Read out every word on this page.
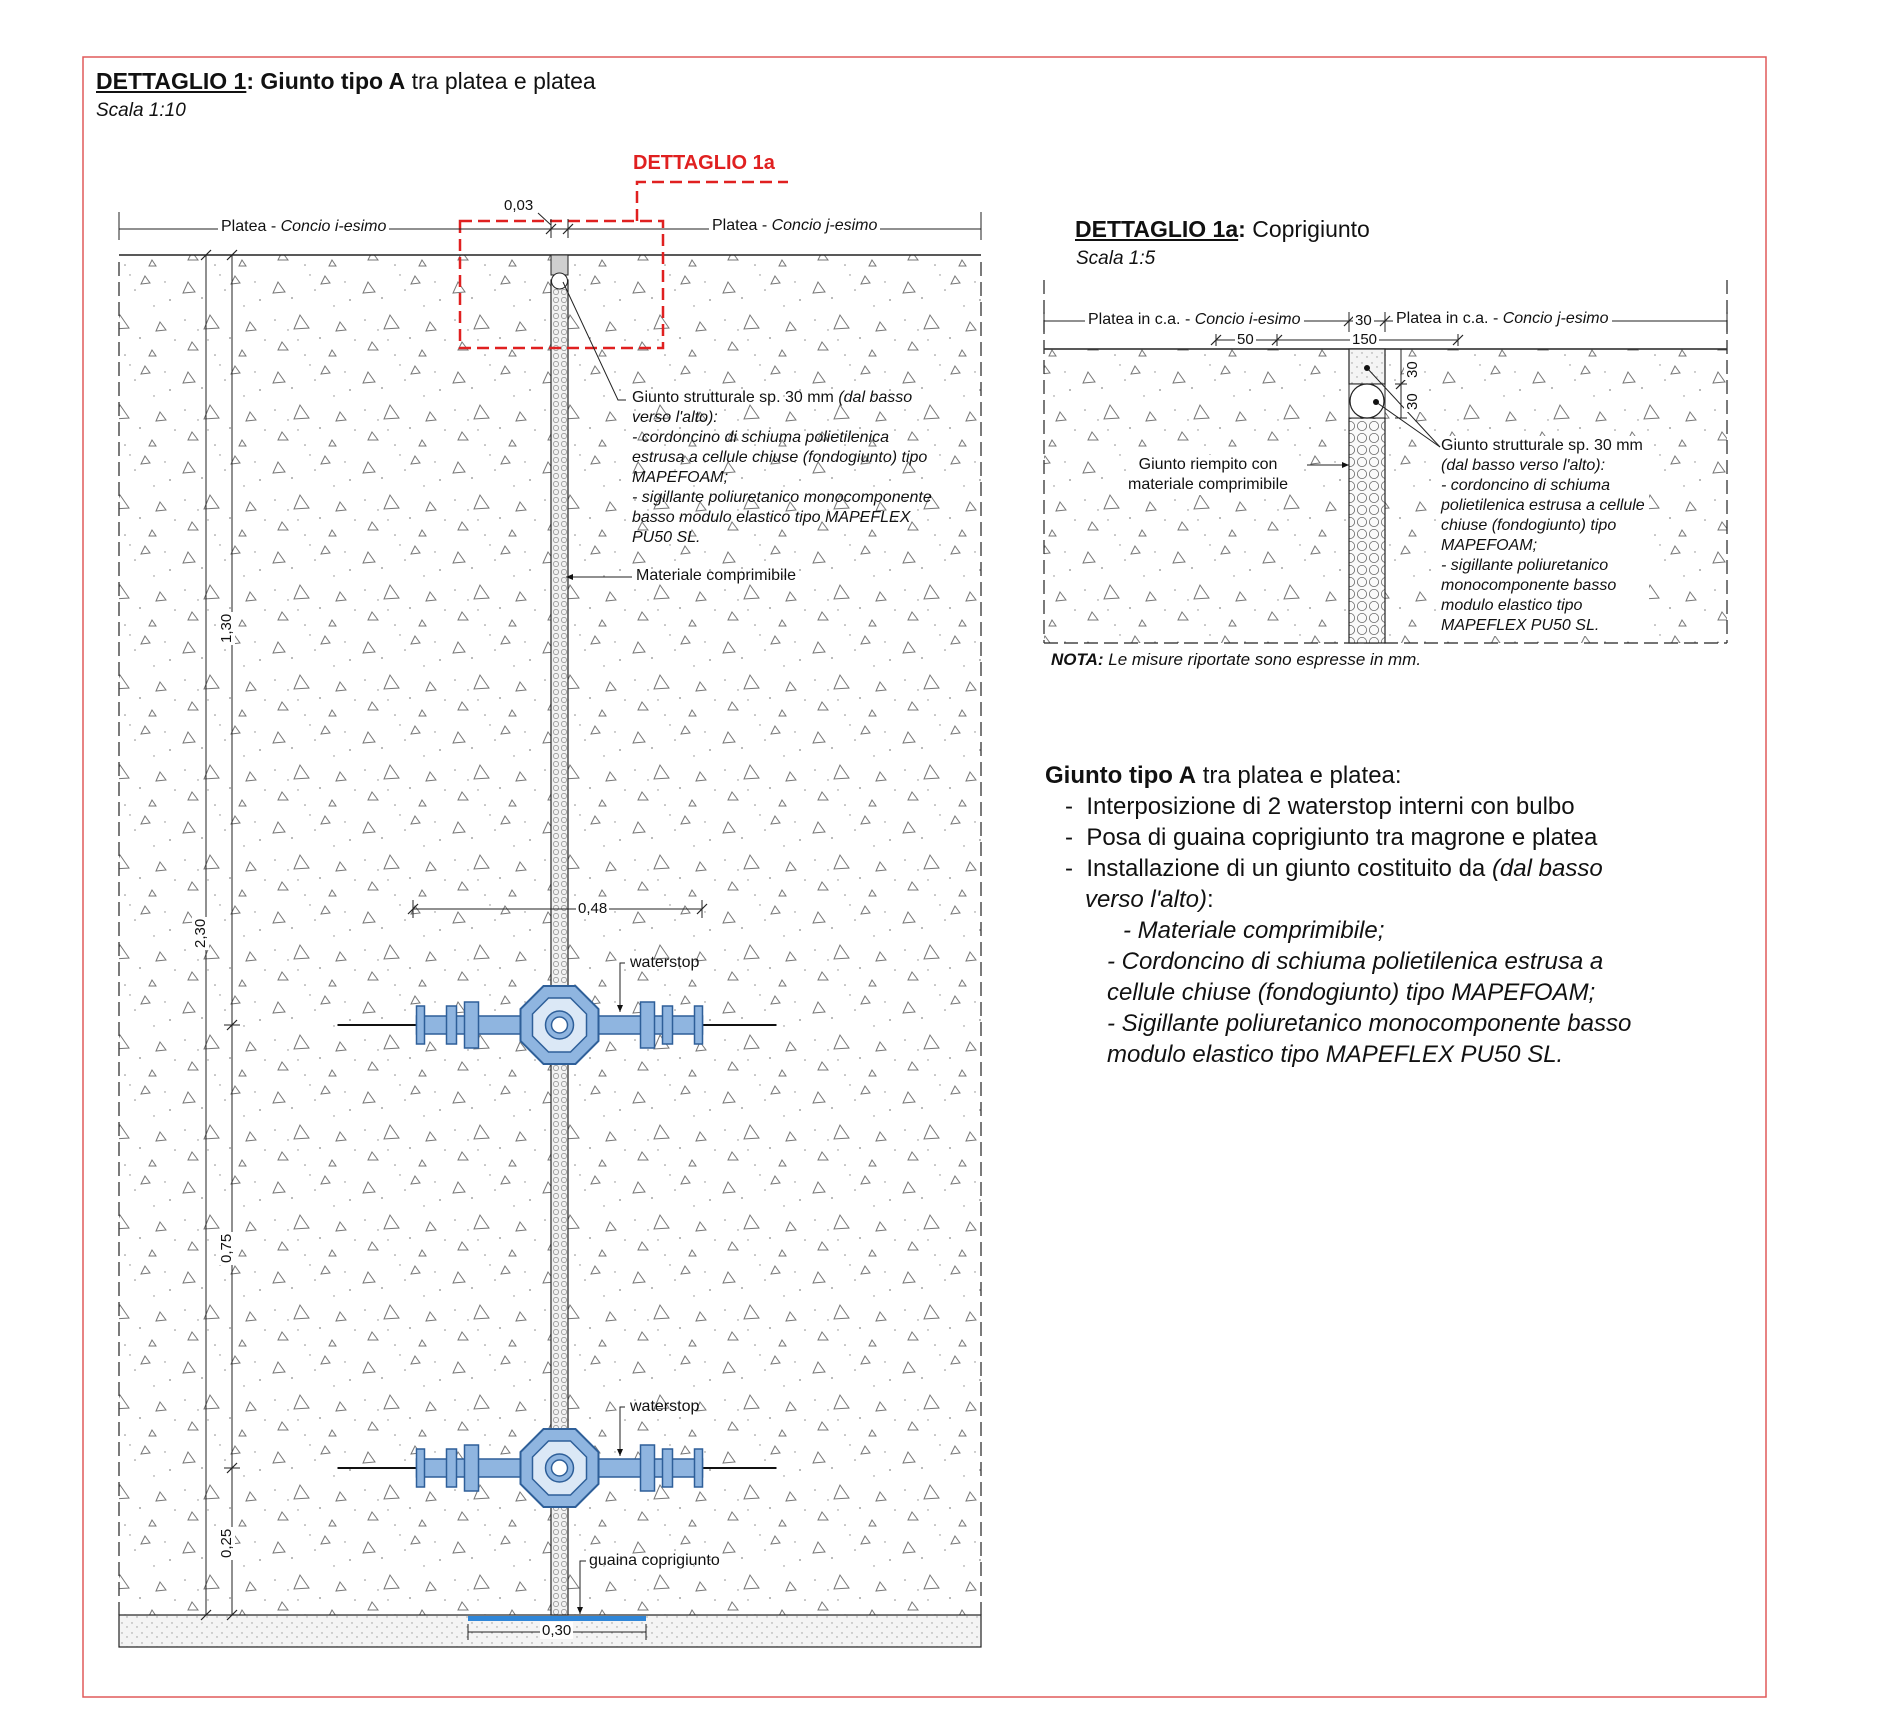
DETTAGLIO 1: Giunto tipo A tra platea e platea
Scala 1:10
DETTAGLIO 1a
Platea - Concio i-esimo	Platea - Concio j-esimo
0,03
1,30
2,30
0,75
0,25
0,48
0,30
Giunto strutturale sp. 30 mm (dal basso
verso l'alto):
- cordoncino di schiuma polietilenica
estrusa a cellule chiuse (fondogiunto) tipo
MAPEFOAM;
- sigillante poliuretanico monocomponente
basso modulo elastico tipo MAPEFLEX
PU50 SL.
Materiale comprimibile
waterstop
waterstop
guaina coprigiunto
DETTAGLIO 1a: Coprigiunto
Scala 1:5
Platea in c.a. - Concio i-esimo	Platea in c.a. - Concio j-esimo
30
50	150
30
30
Giunto riempito con
materiale comprimibile
Giunto strutturale sp. 30 mm
(dal basso verso l'alto):
- cordoncino di schiuma
polietilenica estrusa a cellule
chiuse (fondogiunto) tipo
MAPEFOAM;
- sigillante poliuretanico
monocomponente basso
modulo elastico tipo
MAPEFLEX PU50 SL.
NOTA: Le misure riportate sono espresse in mm.
Giunto tipo A tra platea e platea:
-  Interposizione di 2 waterstop interni con bulbo
-  Posa di guaina coprigiunto tra magrone e platea
-  Installazione di un giunto costituito da (dal basso
verso l'alto):
- Materiale comprimibile;
- Cordoncino di schiuma polietilenica estrusa a
cellule chiuse (fondogiunto) tipo MAPEFOAM;
- Sigillante poliuretanico monocomponente basso
modulo elastico tipo MAPEFLEX PU50 SL.
